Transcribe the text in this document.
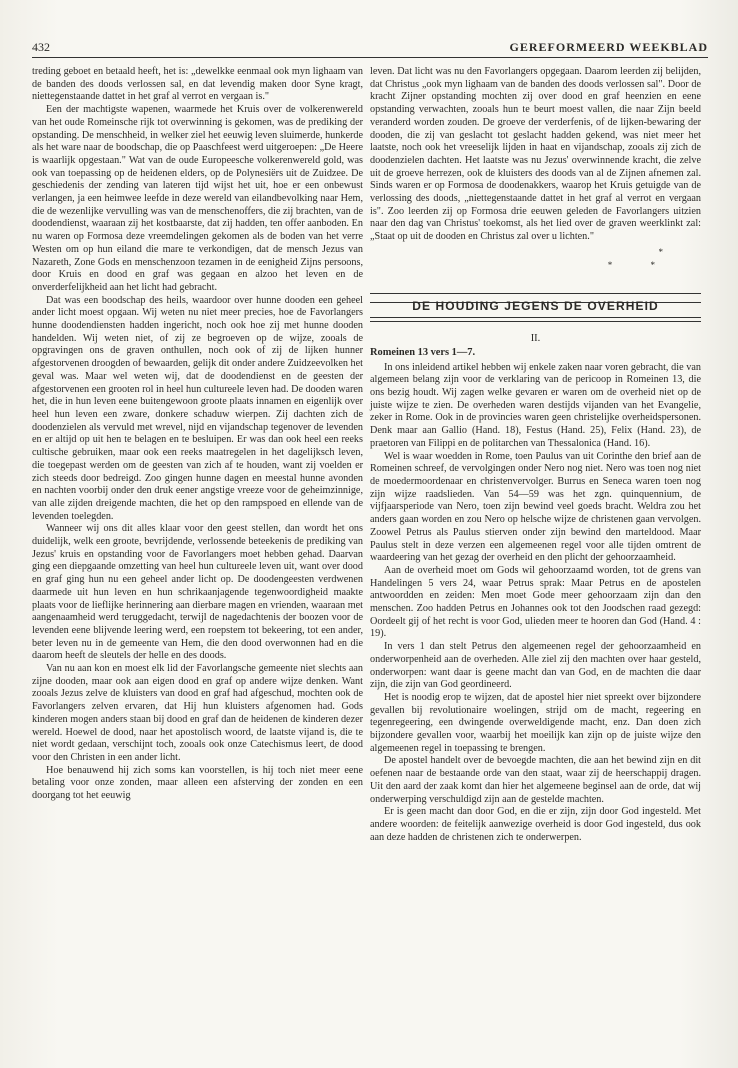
432	GEREFORMEERD WEEKBLAD

treding geboet en betaald heeft, het is: „dewelkke eenmaal ook myn lighaam van de banden des doods verlossen sal, en dat levendig maken door Syne kragt, niettegenstaande dattet in het graf al verrot en vergaan is."

Een der machtigste wapenen, waarmede het Kruis over de volkerenwereld van het oude Romeinsche rijk tot overwinning is gekomen, was de prediking der opstanding. De menschheid, in welker ziel het eeuwig leven sluimerde, hunkerde als het ware naar de boodschap, die op Paaschfeest werd uitgeroepen: „De Heere is waarlijk opgestaan." Wat van de oude Europeesche volkerenwereld gold, was ook van toepassing op de heidenen elders, op de Polynesiërs uit de Zuidzee. De geschiedenis der zending van lateren tijd wijst het uit, hoe er een onbewust verlangen, ja een heimwee leefde in deze wereld van eilandbevolking naar Hem, die de wezenlijke vervulling was van de menschenoffers, die zij brachten, van de doodendienst, waaraan zij het kostbaarste, dat zij hadden, ten offer aanboden. En nu waren op Formosa deze vreemdelingen gekomen als de boden van het verre Westen om op hun eiland die mare te verkondigen, dat de mensch Jezus van Nazareth, Zone Gods en menschenzoon tezamen in de eenigheid Zijns persoons, door Kruis en dood en graf was gegaan en alzoo het leven en de onverderfelijkheid aan het licht had gebracht.

Dat was een boodschap des heils, waardoor over hunne dooden een geheel ander licht moest opgaan. Wij weten nu niet meer precies, hoe de Favorlangers hunne doodendiensten hadden ingericht, noch ook hoe zij met hunne dooden handelden. Wij weten niet, of zij ze begroeven op de wijze, zooals de opgravingen ons de graven onthullen, noch ook of zij de lijken hunner afgestorvenen droogden of bewaarden, gelijk dit onder andere Zuidzeevolken het geval was. Maar wel weten wij, dat de doodendienst en de geesten der afgestorvenen een grooten rol in heel hun cultureele leven had. De dooden waren het, die in hun leven eene buitengewoon groote plaats innamen en eigenlijk over heel hun leven een zware, donkere schaduw wierpen. Zij dachten zich de doodenzielen als vervuld met wrevel, nijd en vijandschap tegenover de levenden en er altijd op uit hen te belagen en te besluipen. Er was dan ook heel een reeks cultische gebruiken, maar ook een reeks maatregelen in het dagelijksch leven, die toegepast werden om de geesten van zich af te houden, want zij voelden er zich steeds door bedreigd. Zoo gingen hunne dagen en meestal hunne avonden en nachten voorbij onder den druk eener angstige vreeze voor de geheimzinnige, van alle zijden dreigende machten, die het op den rampspoed en ellende van de levenden toelegden.

Wanneer wij ons dit alles klaar voor den geest stellen, dan wordt het ons duidelijk, welk een groote, bevrijdende, verlossende beteekenis de prediking van Jezus' kruis en opstanding voor de Favorlangers moet hebben gehad. Daarvan ging een diepgaande omzetting van heel hun cultureele leven uit, want over dood en graf ging hun nu een geheel ander licht op. De doodengeesten verdwenen daarmede uit hun leven en hun schrikaanjagende tegenwoordigheid maakte plaats voor de lieflijke herinnering aan dierbare magen en vrienden, waaraan met aangenaamheid werd teruggedacht, terwijl de nagedachtenis der boozen voor de levenden eene blijvende leering werd, een roepstem tot bekeering, tot een ander, beter leven nu in de gemeente van Hem, die den dood overwonnen had en die daarom heeft de sleutels der helle en des doods.

Van nu aan kon en moest elk lid der Favorlangsche gemeente niet slechts aan zijne dooden, maar ook aan eigen dood en graf op andere wijze denken. Want zooals Jezus zelve de kluisters van dood en graf had afgeschud, mochten ook de Favorlangers zelven ervaren, dat Hij hun kluisters afgenomen had. Gods kinderen mogen anders staan bij dood en graf dan de heidenen de kinderen dezer wereld. Hoewel de dood, naar het apostolisch woord, de laatste vijand is, die te niet wordt gedaan, verschijnt toch, zooals ook onze Catechismus leert, de dood voor den Christen in een ander licht.

Hoe benauwend hij zich soms kan voorstellen, is hij toch niet meer eene betaling voor onze zonden, maar alleen een afsterving der zonden en een doorgang tot het eeuwig

leven. Dat licht was nu den Favorlangers opgegaan. Daarom leerden zij belijden, dat Christus „ook myn lighaam van de banden des doods verlossen sal". Door de kracht Zijner opstanding mochten zij over dood en graf heenzien en eene opstanding verwachten, zooals hun te beurt moest vallen, die naar Zijn beeld veranderd worden zouden. De groeve der verderfenis, of de lijken-bewaring der dooden, die zij van geslacht tot geslacht hadden gekend, was niet meer het laatste, noch ook het vreeselijk lijden in haat en vijandschap, zooals zij zich de doodenzielen dachten. Het laatste was nu Jezus' overwinnende kracht, die zelve uit de groeve herrezen, ook de kluisters des doods van al de Zijnen afnemen zal. Sinds waren er op Formosa de doodenakkers, waarop het Kruis getuigde van de verlossing des doods, „niettegenstaande dattet in het graf al verrot en vergaan is". Zoo leerden zij op Formosa drie eeuwen geleden de Favorlangers uitzien naar den dag van Christus' toekomst, als het lied over de graven weerklinkt zal: „Staat op uit de dooden en Christus zal over u lichten."

*
* *
DE HOUDING JEGENS DE OVERHEID
II.
Romeinen 13 vers 1—7.

In ons inleidend artikel hebben wij enkele zaken naar voren gebracht, die van algemeen belang zijn voor de verklaring van de pericoop in Romeinen 13, die ons bezig houdt. Wij zagen welke gevaren er waren om de overheid niet op de juiste wijze te zien. De overheden waren destijds vijanden van het Evangelie, zeker in Rome. Ook in de provincies waren geen christelijke overheidspersonen. Denk maar aan Gallio (Hand. 18), Festus (Hand. 25), Felix (Hand. 23), de praetoren van Filippi en de politarchen van Thessalonica (Hand. 16).

Wel is waar woedden in Rome, toen Paulus van uit Corinthe den brief aan de Romeinen schreef, de vervolgingen onder Nero nog niet. Nero was toen nog niet de moedermoordenaar en christenvervolger. Burrus en Seneca waren toen nog zijn wijze raadslieden. Van 54—59 was het zgn. quinquennium, de vijfjaarsperiode van Nero, toen zijn bewind veel goeds bracht. Weldra zou het anders gaan worden en zou Nero op helsche wijze de christenen gaan vervolgen. Zoowel Petrus als Paulus stierven onder zijn bewind den marteldood. Maar Paulus stelt in deze verzen een algemeenen regel voor alle tijden omtrent de waardeering van het gezag der overheid en den plicht der gehoorzaamheid.

Aan de overheid moet om Gods wil gehoorzaamd worden, tot de grens van Handelingen 5 vers 24, waar Petrus sprak: Maar Petrus en de apostelen antwoordden en zeiden: Men moet Gode meer gehoorzaam zijn dan den menschen. Zoo hadden Petrus en Johannes ook tot den Joodschen raad gezegd: Oordeelt gij of het recht is voor God, ulieden meer te hooren dan God (Hand. 4 : 19).

In vers 1 dan stelt Petrus den algemeenen regel der gehoorzaamheid en onderworpenheid aan de overheden. Alle ziel zij den machten over haar gesteld, onderworpen: want daar is geene macht dan van God, en de machten die daar zijn, die zijn van God geordineerd.

Het is noodig erop te wijzen, dat de apostel hier niet spreekt over bijzondere gevallen bij revolutionaire woelingen, strijd om de macht, regeering en tegenregeering, een dwingende overweldigende macht, enz. Dan doen zich bijzondere gevallen voor, waarbij het moeilijk kan zijn op de juiste wijze den algemeenen regel in toepassing te brengen.

De apostel handelt over de bevoegde machten, die aan het bewind zijn en dit oefenen naar de bestaande orde van den staat, waar zij de heerschappij dragen. Uit den aard der zaak komt dan hier het algemeene beginsel aan de orde, dat wij onderwerping verschuldigd zijn aan de gestelde machten.

Er is geen macht dan door God, en die er zijn, zijn door God ingesteld. Met andere woorden: de feitelijk aanwezige overheid is door God ingesteld, dus ook aan deze hadden de christenen zich te onderwerpen.
